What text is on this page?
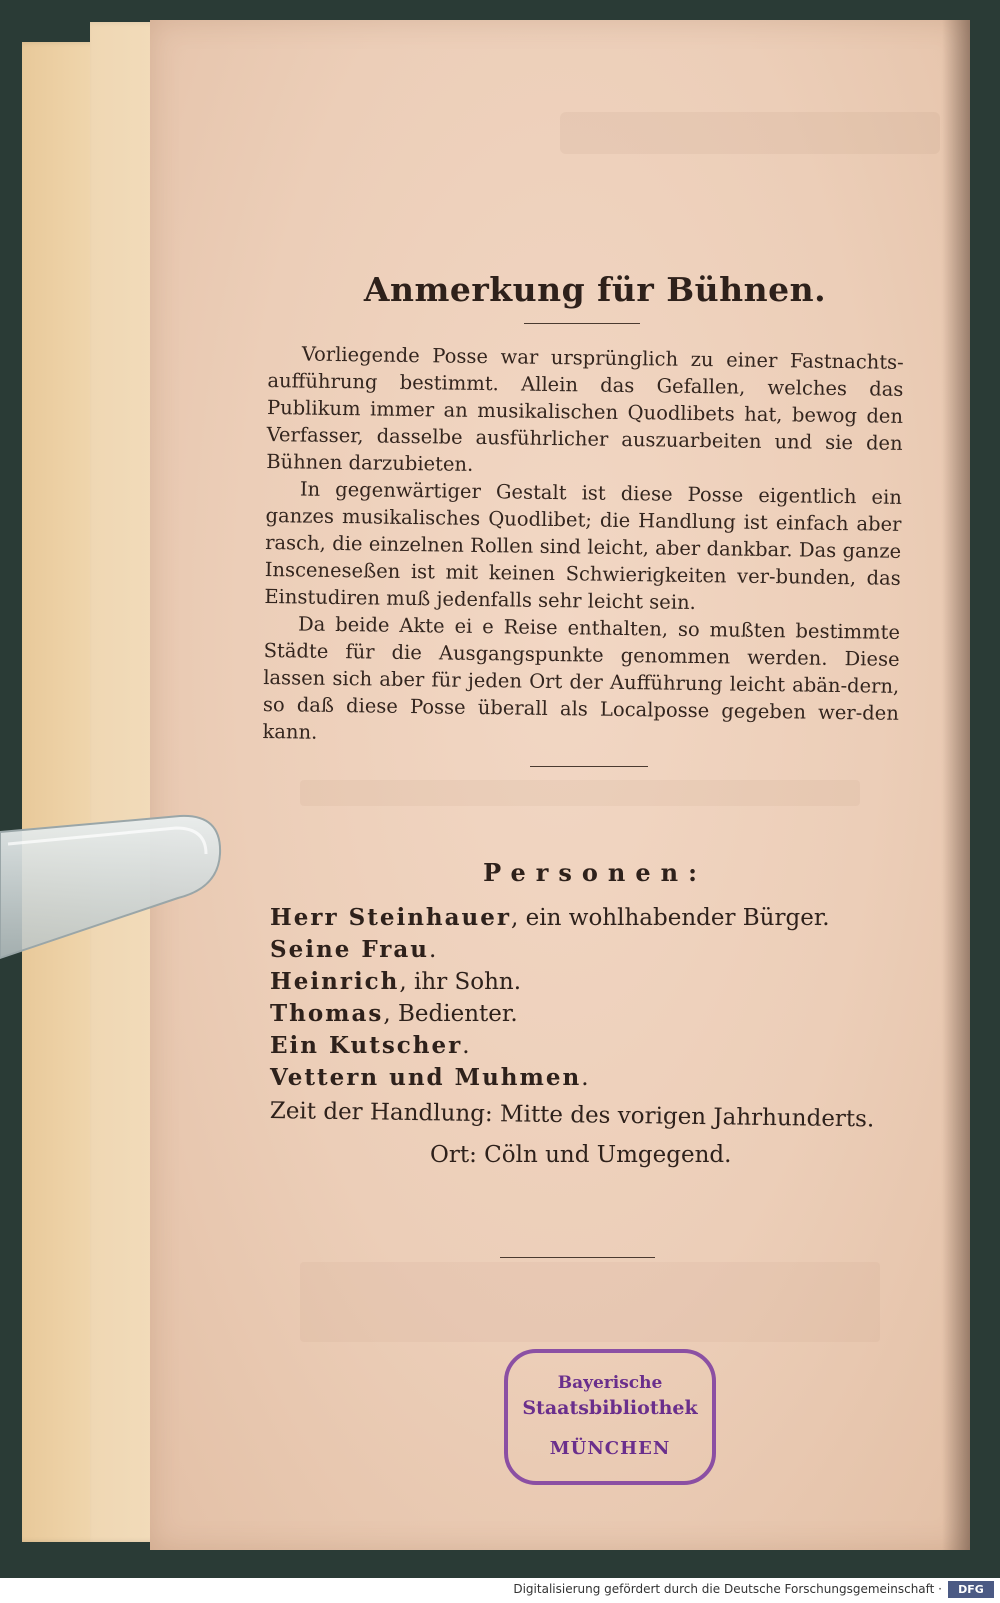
Anmerkung für Bühnen.

Vorliegende Posse war ursprünglich zu einer Fastnachts-aufführung bestimmt. Allein das Gefallen, welches das Publikum immer an musikalischen Quodlibets hat, bewog den Verfasser, dasselbe ausführlicher auszuarbeiten und sie den Bühnen darzubieten.

In gegenwärtiger Gestalt ist diese Posse eigentlich ein ganzes musikalisches Quodlibet; die Handlung ist einfach aber rasch, die einzelnen Rollen sind leicht, aber dankbar. Das ganze Insceneseßen ist mit keinen Schwierigkeiten ver-bunden, das Einstudiren muß jedenfalls sehr leicht sein.

Da beide Akte ei e Reise enthalten, so mußten bestimmte Städte für die Ausgangspunkte genommen werden. Diese lassen sich aber für jeden Ort der Aufführung leicht abän-dern, so daß diese Posse überall als Localposse gegeben wer-den kann.

Personen:
Herr Steinhauer, ein wohlhabender Bürger.
Seine Frau.
Heinrich, ihr Sohn.
Thomas, Bedienter.
Ein Kutscher.
Vettern und Muhmen.
Zeit der Handlung: Mitte des vorigen Jahrhunderts.
Ort: Cöln und Umgegend.
Bayerische
Staatsbibliothek
MÜNCHEN
Digitalisierung gefördert durch die Deutsche Forschungsgemeinschaft ·	DFG
